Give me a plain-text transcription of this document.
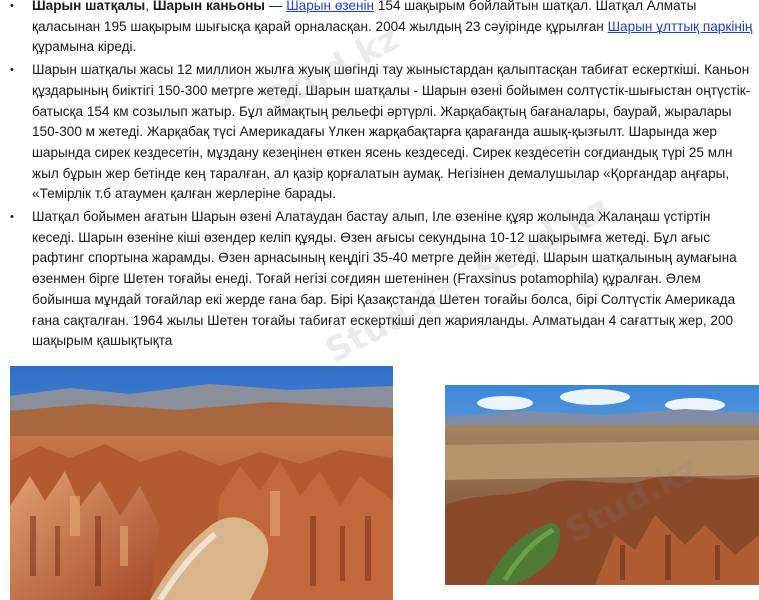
• Шарын шатқалы, Шарын каньоны — Шарын өзенін 154 шақырым бойлайтын шатқал. Шатқал Алматы қаласынан 195 шақырым шығысқа қарай орналасқан. 2004 жылдың 23 сәуірінде құрылған Шарын ұлттық паркінің құрамына кіреді.
• Шарын шатқалы жасы 12 миллион жылға жуық шөгінді тау жыныстардан қалыптасқан табиғат ескерткіші. Каньон құздарының биіктігі 150-300 метрге жетеді. Шарын шатқалы - Шарын өзені бойымен солтүстік-шығыстан оңтүстік-батысқа 154 км созылып жатыр. Бұл аймақтың рельефі әртүрлі. Жарқабақтың бағаналары, баурай, жыралары 150-300 м жетеді. Жарқабақ түсі Америкадағы Үлкен жарқабақтарға қарағанда ашық-қызғылт. Шарында жер шарында сирек кездесетін, мұздану кезеңінен өткен ясень кездеседі. Сирек кездесетін соғдиандық түрі 25 млн жыл бұрын жер бетінде кең таралған, ал қазір қорғалатын аумақ. Негізінен демалушылар «Қорғандар аңғары, «Темірлік т.б атаумен қалған жерлеріне барады.
• Шатқал бойымен ағатын Шарын өзені Алатаудан бастау алып, Іле өзеніне құяр жолында Жалаңаш үстіртін кеседі. Шарын өзеніне кіші өзендер келіп құяды. Өзен ағысы секундына 10-12 шақырымға жетеді. Бұл ағыс рафтинг спортына жарамды. Өзен арнасының кеңдігі 35-40 метрге дейін жетеді. Шарын шатқалының аумағына өзенмен бірге Шетен тоғайы енеді. Тоғай негізі соғдиян шетенінен (Fraxsinus potamophila) құралған. Әлем бойынша мұндай тоғайлар екі жерде ғана бар. Бірі Қазақстанда Шетен тоғайы болса, бірі Солтүстік Америкада ғана сақталған. 1964 жылы Шетен тоғайы табиғат ескерткіші деп жарияланды. Алматыдан 4 сағаттық жер, 200 шақырым қашықтықта
Stud.kz
Stud.kz
Stud.kz
